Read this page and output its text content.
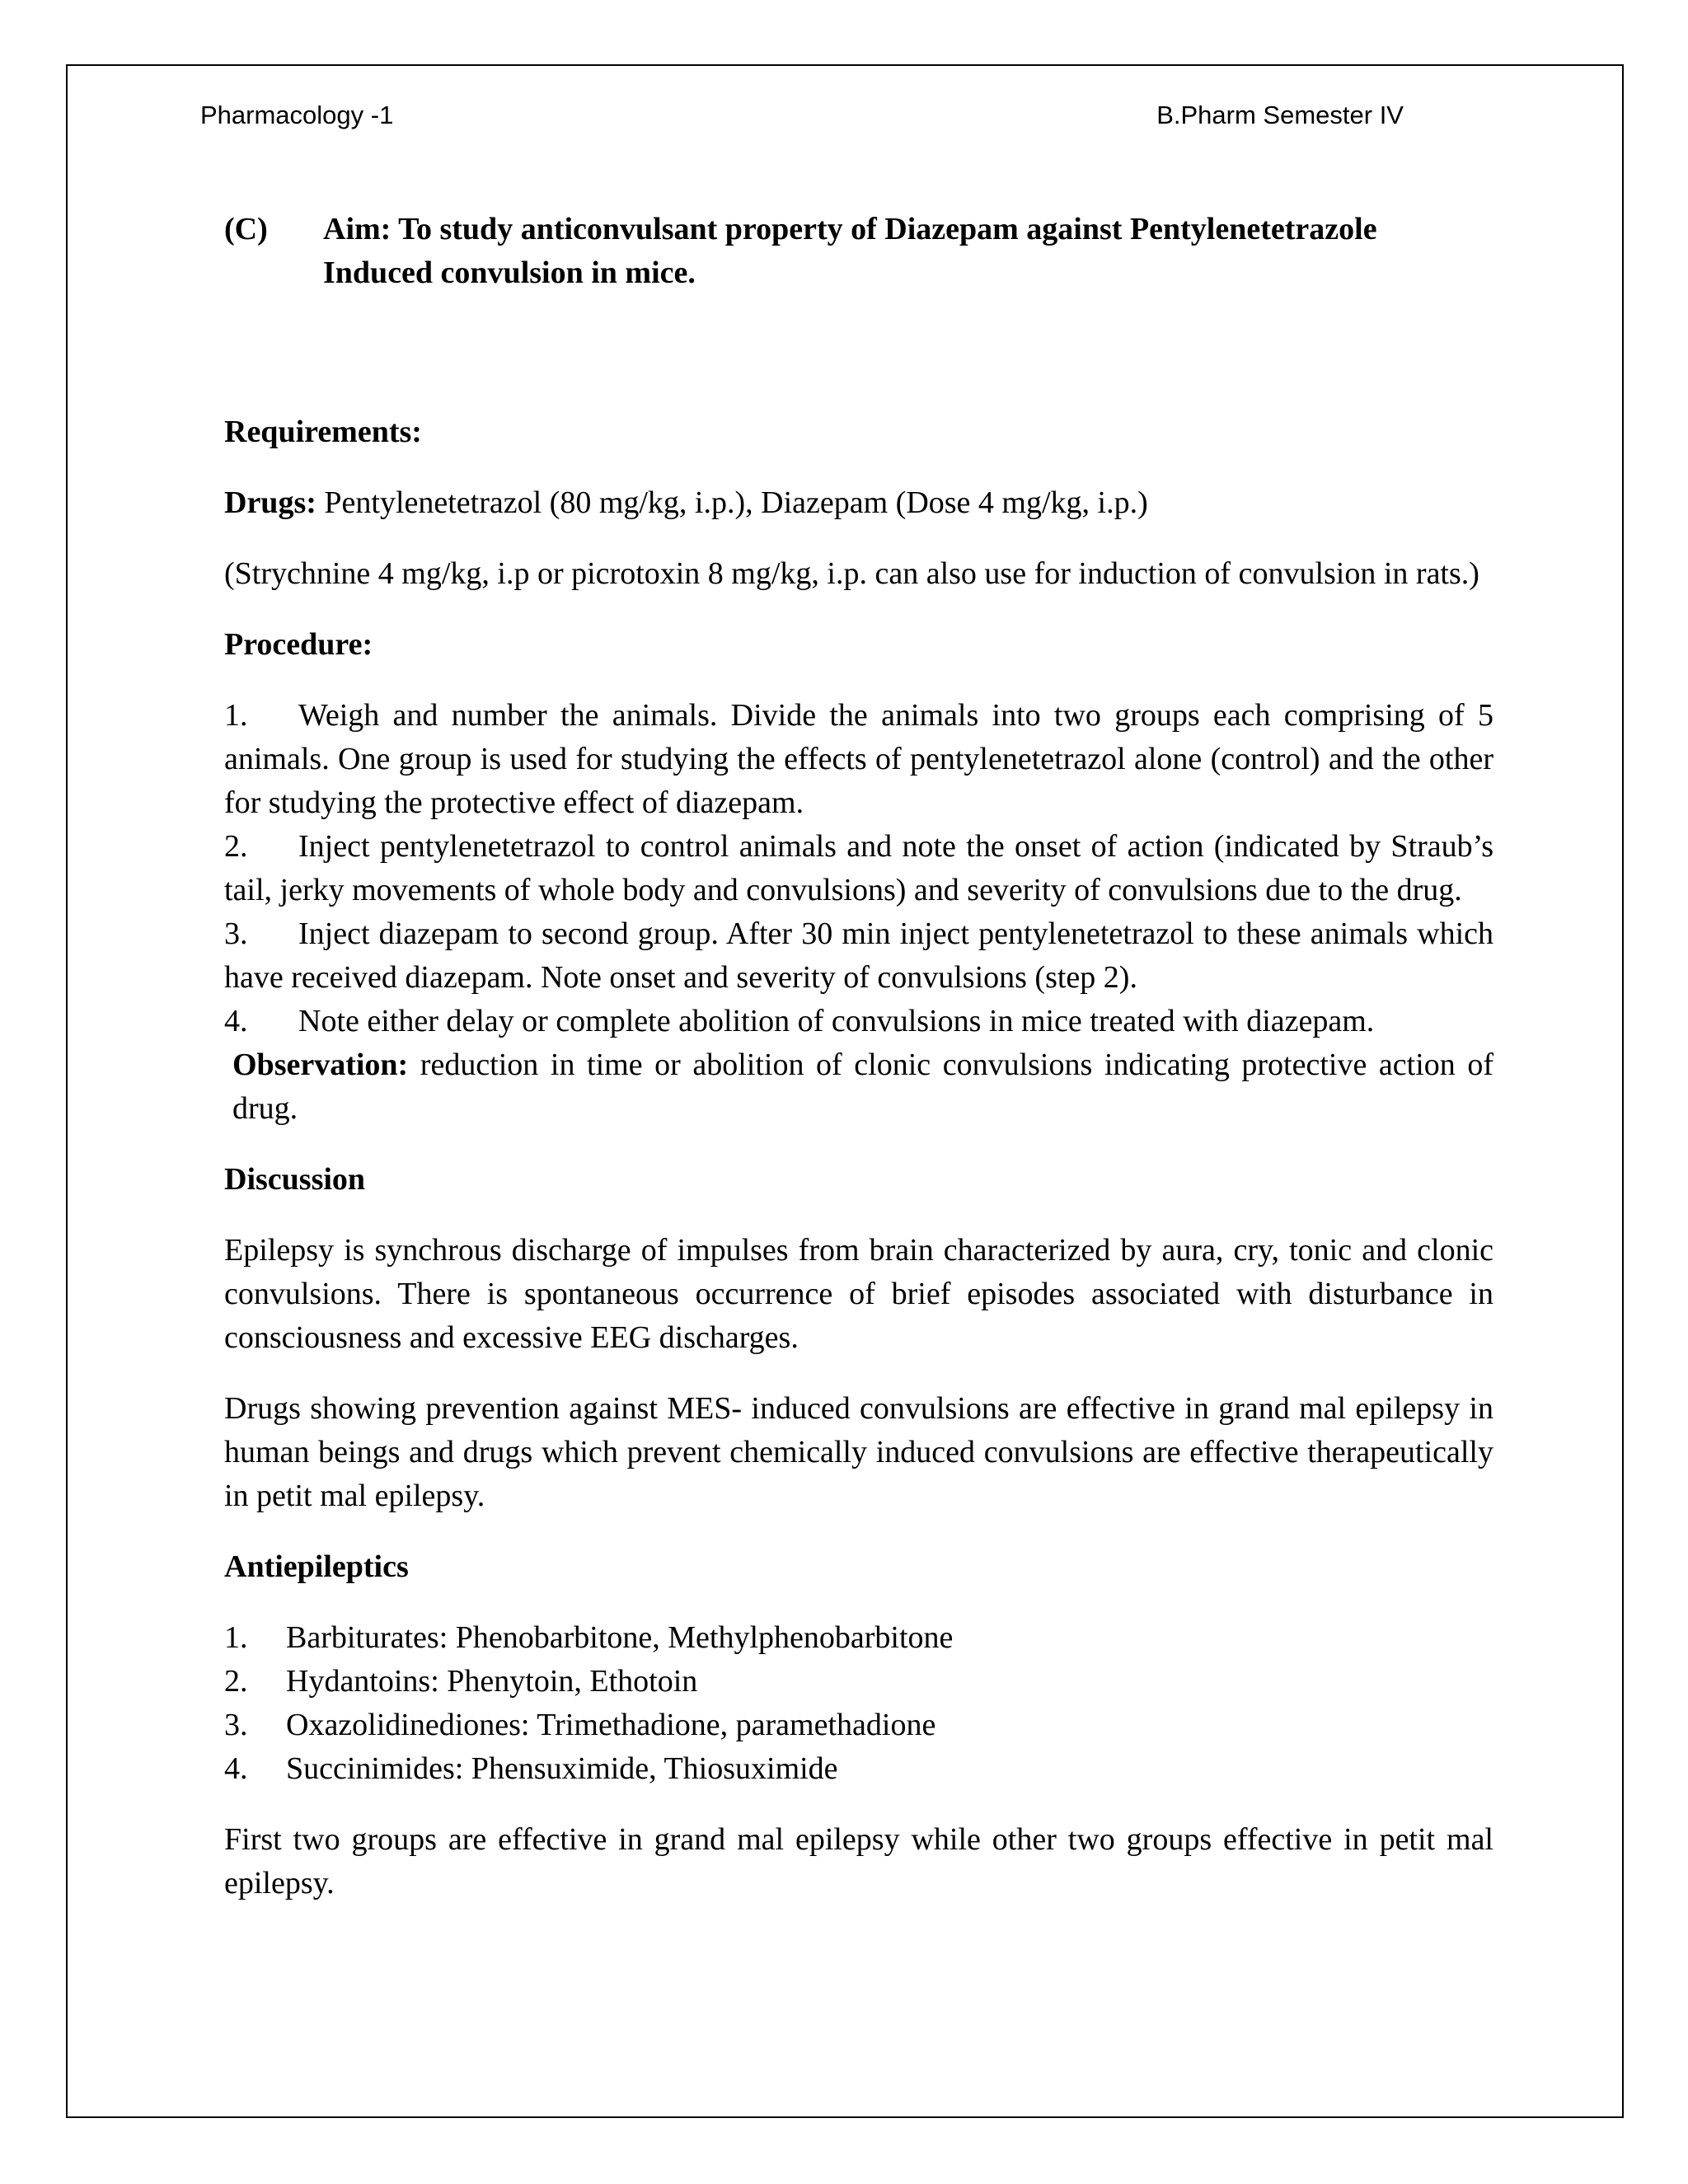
Pharmacology -1	B.Pharm Semester IV
(C)	Aim: To study anticonvulsant property of Diazepam against Pentylenetetrazole
Induced convulsion in mice.
Requirements:

Drugs: Pentylenetetrazol (80 mg/kg, i.p.), Diazepam (Dose 4 mg/kg, i.p.)

(Strychnine 4 mg/kg, i.p or picrotoxin 8 mg/kg, i.p. can also use for induction of convulsion in rats.)

Procedure:

1. Weigh and number the animals. Divide the animals into two groups each comprising of 5 animals. One group is used for studying the effects of pentylenetetrazol alone (control) and the other for studying the protective effect of diazepam.

2. Inject pentylenetetrazol to control animals and note the onset of action (indicated by Straub’s tail, jerky movements of whole body and convulsions) and severity of convulsions due to the drug.

3. Inject diazepam to second group. After 30 min inject pentylenetetrazol to these animals which have received diazepam. Note onset and severity of convulsions (step 2).

4. Note either delay or complete abolition of convulsions in mice treated with diazepam.

Observation: reduction in time or abolition of clonic convulsions indicating protective action of drug.

Discussion

Epilepsy is synchrous discharge of impulses from brain characterized by aura, cry, tonic and clonic convulsions. There is spontaneous occurrence of brief episodes associated with disturbance in consciousness and excessive EEG discharges.

Drugs showing prevention against MES- induced convulsions are effective in grand mal epilepsy in human beings and drugs which prevent chemically induced convulsions are effective therapeutically in petit mal epilepsy.

Antiepileptics
1.	Barbiturates: Phenobarbitone, Methylphenobarbitone
2.	Hydantoins: Phenytoin, Ethotoin
3.	Oxazolidinediones: Trimethadione, paramethadione
4.	Succinimides: Phensuximide, Thiosuximide

First two groups are effective in grand mal epilepsy while other two groups effective in petit mal epilepsy.
